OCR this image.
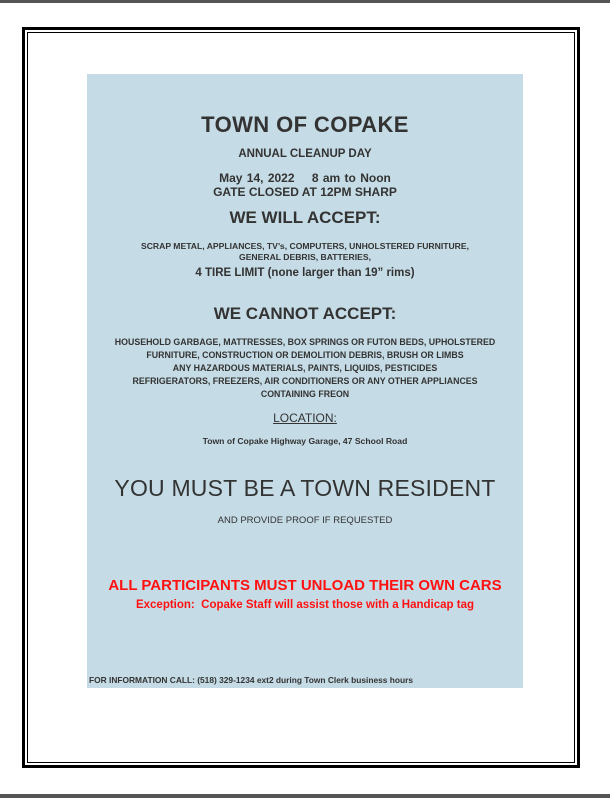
TOWN OF COPAKE
ANNUAL CLEANUP DAY
May 14, 2022    8 am to Noon
GATE CLOSED AT 12PM SHARP
WE WILL ACCEPT:
SCRAP METAL, APPLIANCES, TV’s, COMPUTERS, UNHOLSTERED FURNITURE,
GENERAL DEBRIS, BATTERIES,
4 TIRE LIMIT (none larger than 19” rims)
WE CANNOT ACCEPT:
HOUSEHOLD GARBAGE, MATTRESSES, BOX SPRINGS OR FUTON BEDS, UPHOLSTERED
FURNITURE, CONSTRUCTION OR DEMOLITION DEBRIS, BRUSH OR LIMBS
ANY HAZARDOUS MATERIALS, PAINTS, LIQUIDS, PESTICIDES
REFRIGERATORS, FREEZERS, AIR CONDITIONERS OR ANY OTHER APPLIANCES
CONTAINING FREON
LOCATION:
Town of Copake Highway Garage, 47 School Road
YOU MUST BE A TOWN RESIDENT
AND PROVIDE PROOF IF REQUESTED
ALL PARTICIPANTS MUST UNLOAD THEIR OWN CARS
Exception:  Copake Staff will assist those with a Handicap tag
FOR INFORMATION CALL: (518) 329-1234 ext2 during Town Clerk business hours
